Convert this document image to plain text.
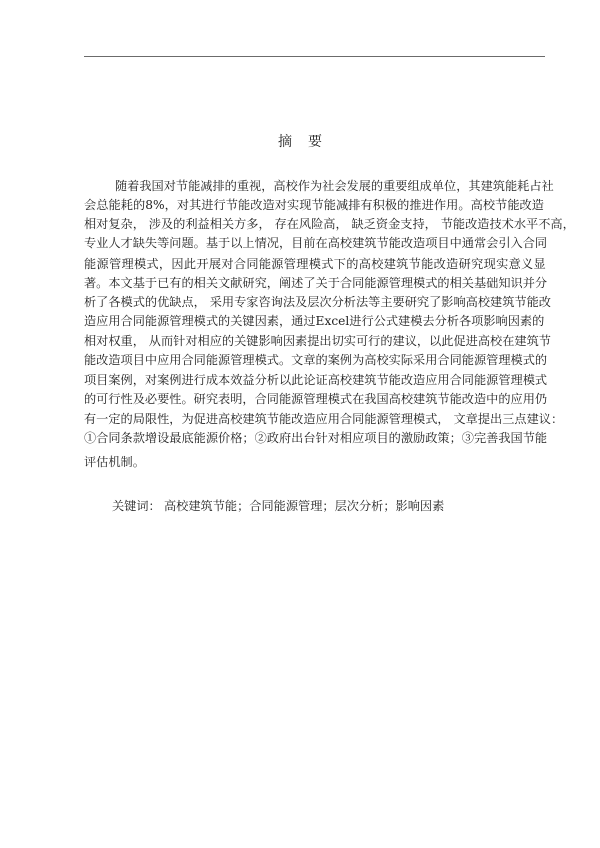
摘要
随着我国对节能减排的重视，高校作为社会发展的重要组成单位，其建筑能耗占社
会总能耗的8%，对其进行节能改造对实现节能减排有积极的推进作用。高校节能改造
相对复杂， 涉及的利益相关方多， 存在风险高， 缺乏资金支持， 节能改造技术水平不高，
专业人才缺失等问题。基于以上情况，目前在高校建筑节能改造项目中通常会引入合同
能源管理模式，因此开展对合同能源管理模式下的高校建筑节能改造研究现实意义显
著。本文基于已有的相关文献研究，阐述了关于合同能源管理模式的相关基础知识并分
析了各模式的优缺点， 采用专家咨询法及层次分析法等主要研究了影响高校建筑节能改
造应用合同能源管理模式的关键因素，通过Excel进行公式建模去分析各项影响因素的
相对权重， 从而针对相应的关键影响因素提出切实可行的建议，以此促进高校在建筑节
能改造项目中应用合同能源管理模式。文章的案例为高校实际采用合同能源管理模式的
项目案例，对案例进行成本效益分析以此论证高校建筑节能改造应用合同能源管理模式
的可行性及必要性。研究表明，合同能源管理模式在我国高校建筑节能改造中的应用仍
有一定的局限性，为促进高校建筑节能改造应用合同能源管理模式， 文章提出三点建议：
①合同条款增设最底能源价格；②政府出台针对相应项目的激励政策；③完善我国节能
评估机制。
关键词： 高校建筑节能；合同能源管理；层次分析；影响因素
